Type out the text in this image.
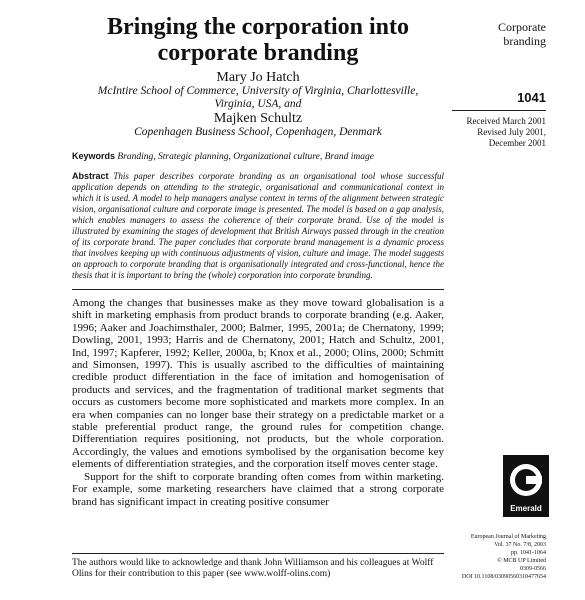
Bringing the corporation into
corporate branding
Mary Jo Hatch
McIntire School of Commerce, University of Virginia, Charlottesville,
Virginia, USA, and
Majken Schultz
Copenhagen Business School, Copenhagen, Denmark
Keywords Branding, Strategic planning, Organizational culture, Brand image
Abstract This paper describes corporate branding as an organisational tool whose successful application depends on attending to the strategic, organisational and communicational context in which it is used. A model to help managers analyse context in terms of the alignment between strategic vision, organisational culture and corporate image is presented. The model is based on a gap analysis, which enables managers to assess the coherence of their corporate brand. Use of the model is illustrated by examining the stages of development that British Airways passed through in the creation of its corporate brand. The paper concludes that corporate brand management is a dynamic process that involves keeping up with continuous adjustments of vision, culture and image. The model suggests an approach to corporate branding that is organisationally integrated and cross-functional, hence the thesis that it is important to bring the (whole) corporation into corporate branding.

Among the changes that businesses make as they move toward globalisation is a shift in marketing emphasis from product brands to corporate branding (e.g. Aaker, 1996; Aaker and Joachimsthaler, 2000; Balmer, 1995, 2001a; de Chernatony, 1999; Dowling, 2001, 1993; Harris and de Chernatony, 2001; Hatch and Schultz, 2001, Ind, 1997; Kapferer, 1992; Keller, 2000a, b; Knox et al., 2000; Olins, 2000; Schmitt and Simonsen, 1997). This is usually ascribed to the difficulties of maintaining credible product differentiation in the face of imitation and homogenisation of products and services, and the fragmentation of traditional market segments that occurs as customers become more sophisticated and markets more complex. In an era when companies can no longer base their strategy on a predictable market or a stable preferential product range, the ground rules for competition change. Differentiation requires positioning, not products, but the whole corporation. Accordingly, the values and emotions symbolised by the organisation become key elements of differentiation strategies, and the corporation itself moves center stage.

Support for the shift to corporate branding often comes from within marketing. For example, some marketing researchers have claimed that a strong corporate brand has significant impact in creating positive consumer

The authors would like to acknowledge and thank John Williamson and his colleagues at Wolff Olins for their contribution to this paper (see www.wolff-olins.com)
Corporate
branding
1041
Received March 2001
Revised July 2001,
December 2001
Emerald
European Journal of Marketing
Vol. 37 No. 7/8, 2003
pp. 1041-1064
© MCB UP Limited
0309-0566
DOI 10.1108/03090560310477654
